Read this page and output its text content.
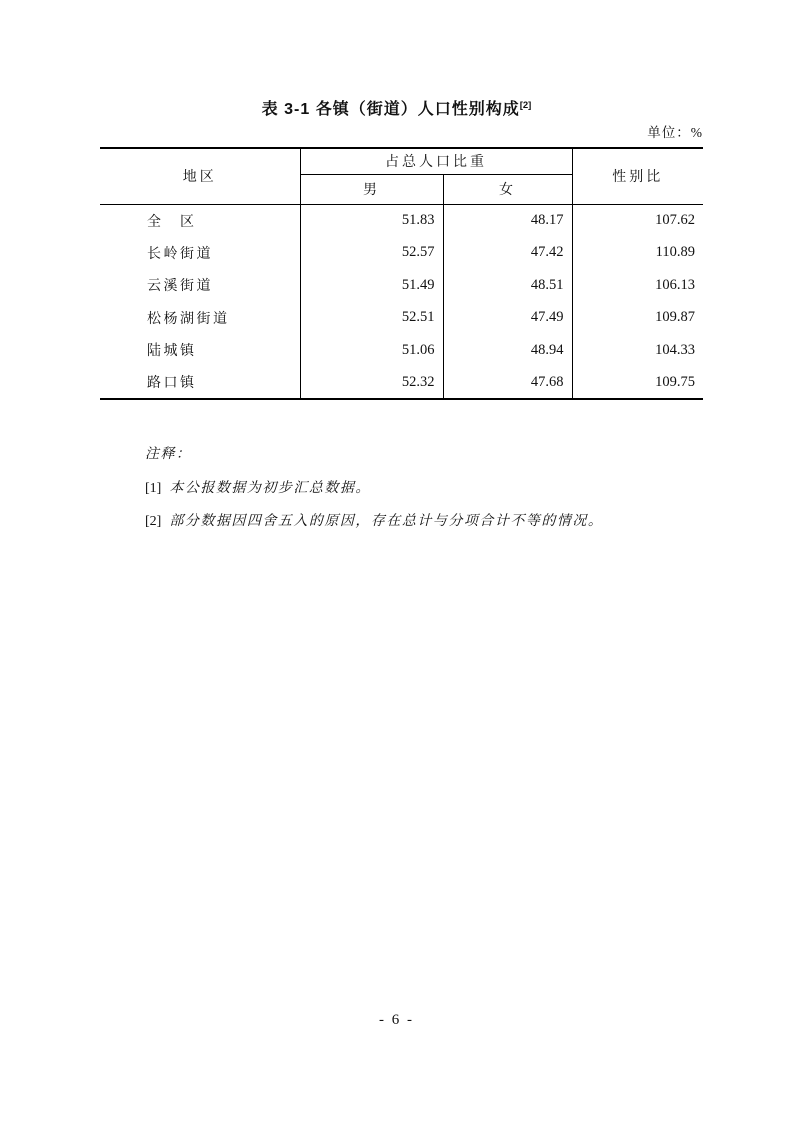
表 3-1 各镇（街道）人口性别构成[2]
单位：%
地区	占总人口比重		性别比
	男	女	
全　区	51.83	48.17	107.62
长岭街道	52.57	47.42	110.89
云溪街道	51.49	48.51	106.13
松杨湖街道	52.51	47.49	109.87
陆城镇	51.06	48.94	104.33
路口镇	52.32	47.68	109.75
注释：
[1] 本公报数据为初步汇总数据。
[2] 部分数据因四舍五入的原因，存在总计与分项合计不等的情况。
- 6 -
